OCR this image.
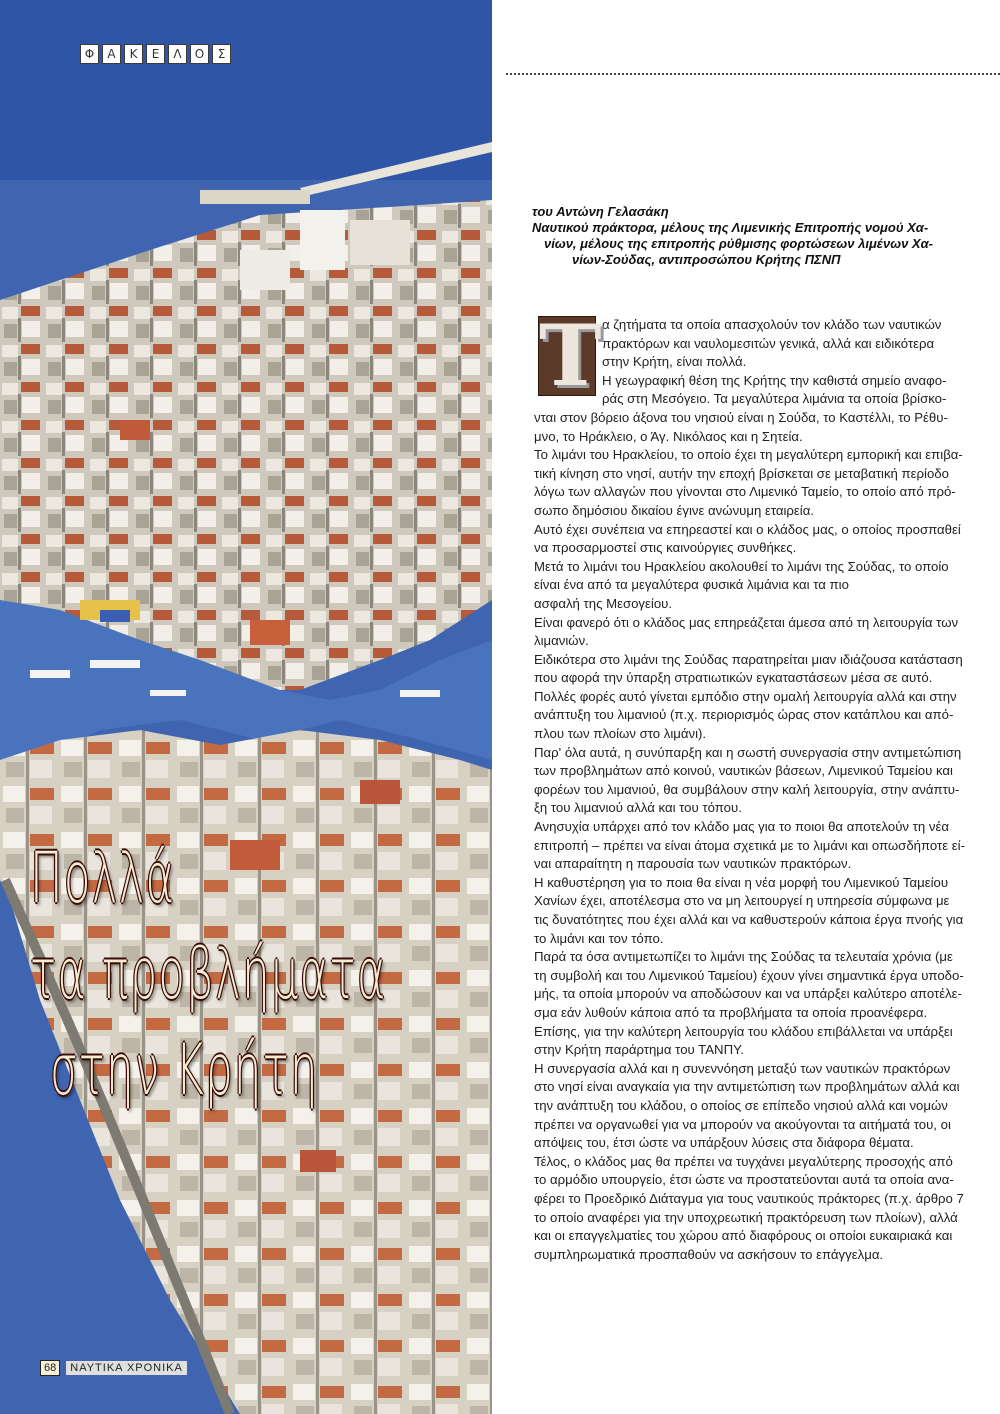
Φ	Α	Κ	Ε	Λ	Ο	Σ
Πολλά
τα προβλήματα
στην Κρήτη
68	ΝΑΥΤΙΚΑ ΧΡΟΝΙΚΑ
του Αντώνη Γελασάκη
Ναυτικού πράκτορα, μέλους της Λιμενικής Επιτροπής νομού Χα-
νίων, μέλους της επιτροπής ρύθμισης φορτώσεων λιμένων Χα-
νίων-Σούδας, αντιπροσώπου Κρήτης ΠΣΝΠ
Τ α ζητήματα τα οποία απασχολούν τον κλάδο των ναυτικών

πρακτόρων και ναυλομεσιτών γενικά, αλλά και ειδικότερα

στην Κρήτη, είναι πολλά.

Η γεωγραφική θέση της Κρήτης την καθιστά σημείο αναφο-

ράς στη Μεσόγειο. Τα μεγαλύτερα λιμάνια τα οποία βρίσκο-

νται στον βόρειο άξονα του νησιού είναι η Σούδα, το Καστέλλι, το Ρέθυ-

μνο, το Ηράκλειο, ο Άγ. Νικόλαος και η Σητεία.

Το λιμάνι του Ηρακλείου, το οποίο έχει τη μεγαλύτερη εμπορική και επιβα-

τική κίνηση στο νησί, αυτήν την εποχή βρίσκεται σε μεταβατική περίοδο

λόγω των αλλαγών που γίνονται στο Λιμενικό Ταμείο, το οποίο από πρό-

σωπο δημόσιου δικαίου έγινε ανώνυμη εταιρεία.

Αυτό έχει συνέπεια να επηρεαστεί και ο κλάδος μας, ο οποίος προσπαθεί

να προσαρμοστεί στις καινούργιες συνθήκες.

Μετά το λιμάνι του Ηρακλείου ακολουθεί το λιμάνι της Σούδας, το οποίο

είναι ένα από τα μεγαλύτερα φυσικά λιμάνια και τα πιο

ασφαλή της Μεσογείου.

Είναι φανερό ότι ο κλάδος μας επηρεάζεται άμεσα από τη λειτουργία των

λιμανιών.

Ειδικότερα στο λιμάνι της Σούδας παρατηρείται μιαν ιδιάζουσα κατάσταση

που αφορά την ύπαρξη στρατιωτικών εγκαταστάσεων μέσα σε αυτό.

Πολλές φορές αυτό γίνεται εμπόδιο στην ομαλή λειτουργία αλλά και στην

ανάπτυξη του λιμανιού (π.χ. περιορισμός ώρας στον κατάπλου και από-

πλου των πλοίων στο λιμάνι).

Παρ' όλα αυτά, η συνύπαρξη και η σωστή συνεργασία στην αντιμετώπιση

των προβλημάτων από κοινού, ναυτικών βάσεων, Λιμενικού Ταμείου και

φορέων του λιμανιού, θα συμβάλουν στην καλή λειτουργία, στην ανάπτυ-

ξη του λιμανιού αλλά και του τόπου.

Ανησυχία υπάρχει από τον κλάδο μας για το ποιοι θα αποτελούν τη νέα

επιτροπή – πρέπει να είναι άτομα σχετικά με το λιμάνι και οπωσδήποτε εί-

ναι απαραίτητη η παρουσία των ναυτικών πρακτόρων.

Η καθυστέρηση για το ποια θα είναι η νέα μορφή του Λιμενικού Ταμείου

Χανίων έχει, αποτέλεσμα στο να μη λειτουργεί η υπηρεσία σύμφωνα με

τις δυνατότητες που έχει αλλά και να καθυστερούν κάποια έργα πνοής για

το λιμάνι και τον τόπο.

Παρά τα όσα αντιμετωπίζει το λιμάνι της Σούδας τα τελευταία χρόνια (με

τη συμβολή και του Λιμενικού Ταμείου) έχουν γίνει σημαντικά έργα υποδο-

μής, τα οποία μπορούν να αποδώσουν και να υπάρξει καλύτερο αποτέλε-

σμα εάν λυθούν κάποια από τα προβλήματα τα οποία προανέφερα.

Επίσης, για την καλύτερη λειτουργία του κλάδου επιβάλλεται να υπάρξει

στην Κρήτη παράρτημα του ΤΑΝΠΥ.

Η συνεργασία αλλά και η συνεννόηση μεταξύ των ναυτικών πρακτόρων

στο νησί είναι αναγκαία για την αντιμετώπιση των προβλημάτων αλλά και

την ανάπτυξη του κλάδου, ο οποίος σε επίπεδο νησιού αλλά και νομών

πρέπει να οργανωθεί για να μπορούν να ακούγονται τα αιτήματά του, οι

απόψεις του, έτσι ώστε να υπάρξουν λύσεις στα διάφορα θέματα.

Τέλος, ο κλάδος μας θα πρέπει να τυγχάνει μεγαλύτερης προσοχής από

το αρμόδιο υπουργείο, έτσι ώστε να προστατεύονται αυτά τα οποία ανα-

φέρει το Προεδρικό Διάταγμα για τους ναυτικούς πράκτορες (π.χ. άρθρο 7

το οποίο αναφέρει για την υποχρεωτική πρακτόρευση των πλοίων), αλλά

και οι επαγγελματίες του χώρου από διαφόρους οι οποίοι ευκαιριακά και

συμπληρωματικά προσπαθούν να ασκήσουν το επάγγελμα.
